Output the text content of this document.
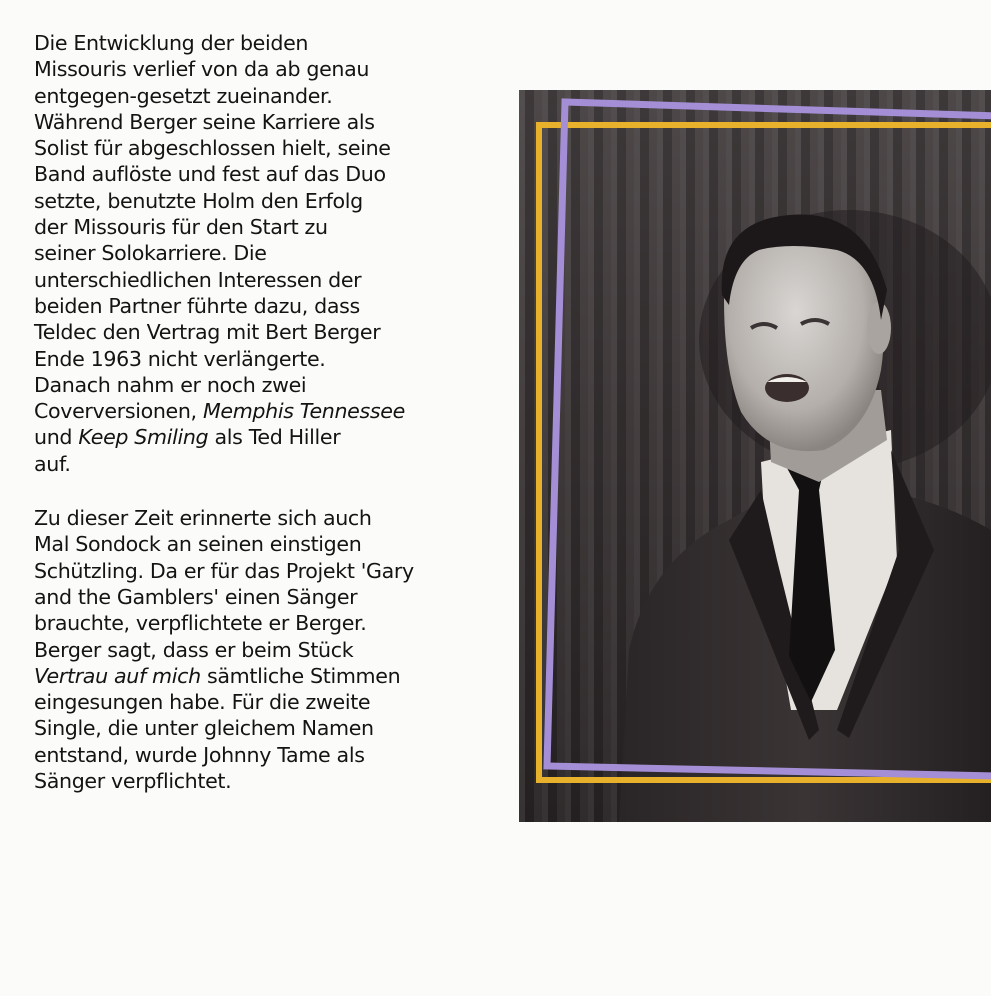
Die Entwicklung der beiden
Missouris verlief von da ab genau
entgegen-gesetzt zueinander.
Während Berger seine Karriere als
Solist für abgeschlossen hielt, seine
Band auflöste und fest auf das Duo
setzte, benutzte Holm den Erfolg
der Missouris für den Start zu
seiner Solokarriere. Die
unterschiedlichen Interessen der
beiden Partner führte dazu, dass
Teldec den Vertrag mit Bert Berger
Ende 1963 nicht verlängerte.
Danach nahm er noch zwei
Coverversionen, Memphis Tennessee
und Keep Smiling als Ted Hiller
auf.
Zu dieser Zeit erinnerte sich auch
Mal Sondock an seinen einstigen
Schützling. Da er für das Projekt 'Gary
and the Gamblers' einen Sänger
brauchte, verpflichtete er Berger.
Berger sagt, dass er beim Stück
Vertrau auf mich sämtliche Stimmen
eingesungen habe. Für die zweite
Single, die unter gleichem Namen
entstand, wurde Johnny Tame als
Sänger verpflichtet.
